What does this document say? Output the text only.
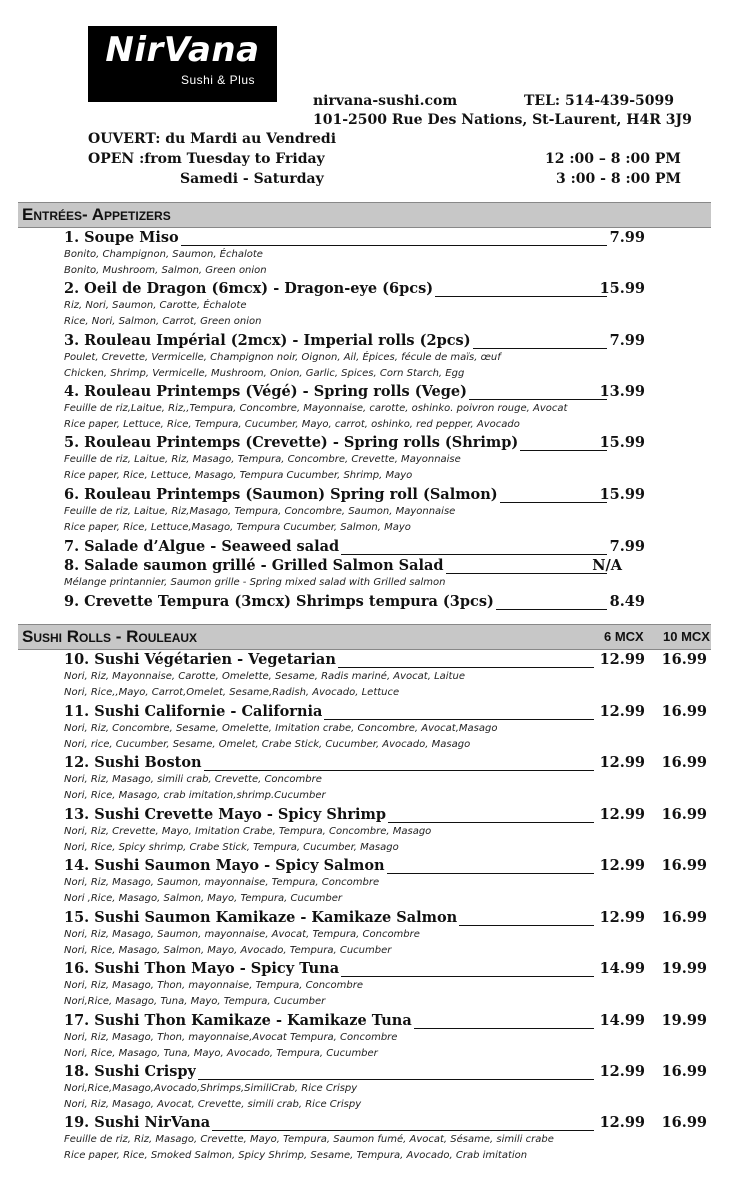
NirVana
Sushi & Plus
nirvana-sushi.com	TEL: 514-439-5099
101-2500 Rue Des Nations, St-Laurent, H4R 3J9
OUVERT: du Mardi au Vendredi
OPEN :from Tuesday to Friday	12 :00 – 8 :00 PM
Samedi - Saturday	3 :00 - 8 :00 PM
Entrées- Appetizers
1. Soupe Miso	7.99
Bonito, Champignon, Saumon, Échalote
Bonito, Mushroom, Salmon, Green onion
2. Oeil de Dragon (6mcx) - Dragon-eye (6pcs)	15.99
Riz, Nori, Saumon, Carotte, Échalote
Rice, Nori, Salmon, Carrot, Green onion
3. Rouleau Impérial (2mcx) - Imperial rolls (2pcs)	7.99
Poulet, Crevette, Vermicelle, Champignon noir, Oignon, Ail, Épices, fécule de maïs, œuf
Chicken, Shrimp, Vermicelle, Mushroom, Onion, Garlic, Spices, Corn Starch, Egg
4. Rouleau Printemps (Végé) - Spring rolls (Vege)	13.99
Feuille de riz,Laitue, Riz,,Tempura, Concombre, Mayonnaise, carotte, oshinko. poivron rouge, Avocat
Rice paper, Lettuce, Rice, Tempura, Cucumber, Mayo, carrot, oshinko, red pepper, Avocado
5. Rouleau Printemps (Crevette) - Spring rolls (Shrimp)	15.99
Feuille de riz, Laitue, Riz, Masago, Tempura, Concombre, Crevette, Mayonnaise
Rice paper, Rice, Lettuce, Masago, Tempura Cucumber, Shrimp, Mayo
6. Rouleau Printemps (Saumon) Spring roll (Salmon)	15.99
Feuille de riz, Laitue, Riz,Masago, Tempura, Concombre, Saumon, Mayonnaise
Rice paper, Rice, Lettuce,Masago, Tempura Cucumber, Salmon, Mayo
7. Salade d’Algue - Seaweed salad	7.99
8. Salade saumon grillé - Grilled Salmon Salad	N/A
Mélange printannier, Saumon grille - Spring mixed salad with Grilled salmon
9. Crevette Tempura (3mcx) Shrimps tempura (3pcs)	8.49
Sushi Rolls - Rouleaux	6 MCX 10 MCX
10. Sushi Végétarien - Vegetarian	12.99	16.99
Nori, Riz, Mayonnaise, Carotte, Omelette, Sesame, Radis mariné, Avocat, Laitue
Nori, Rice,,Mayo, Carrot,Omelet, Sesame,Radish, Avocado, Lettuce
11. Sushi Californie - California	12.99	16.99
Nori, Riz, Concombre, Sesame, Omelette, Imitation crabe, Concombre, Avocat,Masago
Nori, rice, Cucumber, Sesame, Omelet, Crabe Stick, Cucumber, Avocado, Masago
12. Sushi Boston	12.99	16.99
Nori, Riz, Masago, simili crab, Crevette, Concombre
Nori, Rice, Masago, crab imitation,shrimp.Cucumber
13. Sushi Crevette Mayo - Spicy Shrimp	12.99	16.99
Nori, Riz, Crevette, Mayo, Imitation Crabe, Tempura, Concombre, Masago
Nori, Rice, Spicy shrimp, Crabe Stick, Tempura, Cucumber, Masago
14. Sushi Saumon Mayo - Spicy Salmon	12.99	16.99
Nori, Riz, Masago, Saumon, mayonnaise, Tempura, Concombre
Nori ,Rice, Masago, Salmon, Mayo, Tempura, Cucumber
15. Sushi Saumon Kamikaze - Kamikaze Salmon	12.99	16.99
Nori, Riz, Masago, Saumon, mayonnaise, Avocat, Tempura, Concombre
Nori, Rice, Masago, Salmon, Mayo, Avocado, Tempura, Cucumber
16. Sushi Thon Mayo - Spicy Tuna	14.99	19.99
Nori, Riz, Masago, Thon, mayonnaise, Tempura, Concombre
Nori,Rice, Masago, Tuna, Mayo, Tempura, Cucumber
17. Sushi Thon Kamikaze - Kamikaze Tuna	14.99	19.99
Nori, Riz, Masago, Thon, mayonnaise,Avocat Tempura, Concombre
Nori, Rice, Masago, Tuna, Mayo, Avocado, Tempura, Cucumber
18. Sushi Crispy	12.99	16.99
Nori,Rice,Masago,Avocado,Shrimps,SimiliCrab, Rice Crispy
Nori, Riz, Masago, Avocat, Crevette, simili crab, Rice Crispy
19. Sushi NirVana	12.99	16.99
Feuille de riz, Riz, Masago, Crevette, Mayo, Tempura, Saumon fumé, Avocat, Sésame, simili crabe
Rice paper, Rice, Smoked Salmon, Spicy Shrimp, Sesame, Tempura, Avocado, Crab imitation
